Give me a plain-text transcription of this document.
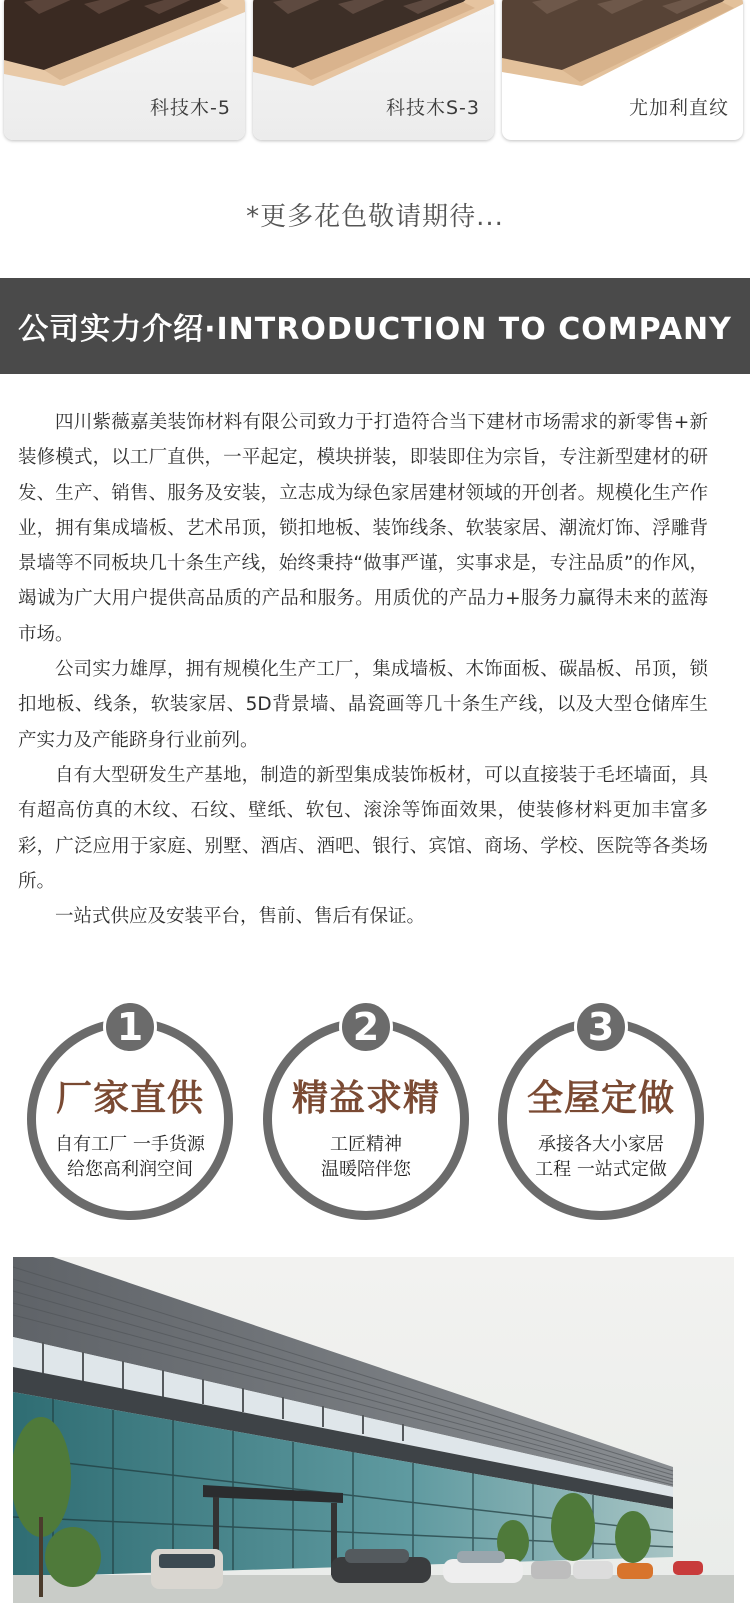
科技木-5	科技木S-3	尤加利直纹
*更多花色敬请期待...
公司实力介绍·INTRODUCTION TO COMPANY

四川紫薇嘉美装饰材料有限公司致力于打造符合当下建材市场需求的新零售+新装修模式，以工厂直供，一平起定，模块拼装，即装即住为宗旨，专注新型建材的研发、生产、销售、服务及安装，立志成为绿色家居建材领域的开创者。规模化生产作业，拥有集成墙板、艺术吊顶，锁扣地板、装饰线条、软装家居、潮流灯饰、浮雕背景墙等不同板块几十条生产线，始终秉持“做事严谨，实事求是，专注品质”的作风，竭诚为广大用户提供高品质的产品和服务。用质优的产品力+服务力赢得未来的蓝海市场。

公司实力雄厚，拥有规模化生产工厂，集成墙板、木饰面板、碳晶板、吊顶，锁扣地板、线条，软装家居、5D背景墙、晶瓷画等几十条生产线，以及大型仓储库生产实力及产能跻身行业前列。

自有大型研发生产基地，制造的新型集成装饰板材，可以直接装于毛坯墙面，具有超高仿真的木纹、石纹、壁纸、软包、滚涂等饰面效果，使装修材料更加丰富多彩，广泛应用于家庭、别墅、酒店、酒吧、银行、宾馆、商场、学校、医院等各类场所。

一站式供应及安装平台，售前、售后有保证。

1
厂家直供
自有工厂 一手货源
给您高利润空间
2
精益求精
工匠精神
温暖陪伴您
3
全屋定做
承接各大小家居
工程 一站式定做
